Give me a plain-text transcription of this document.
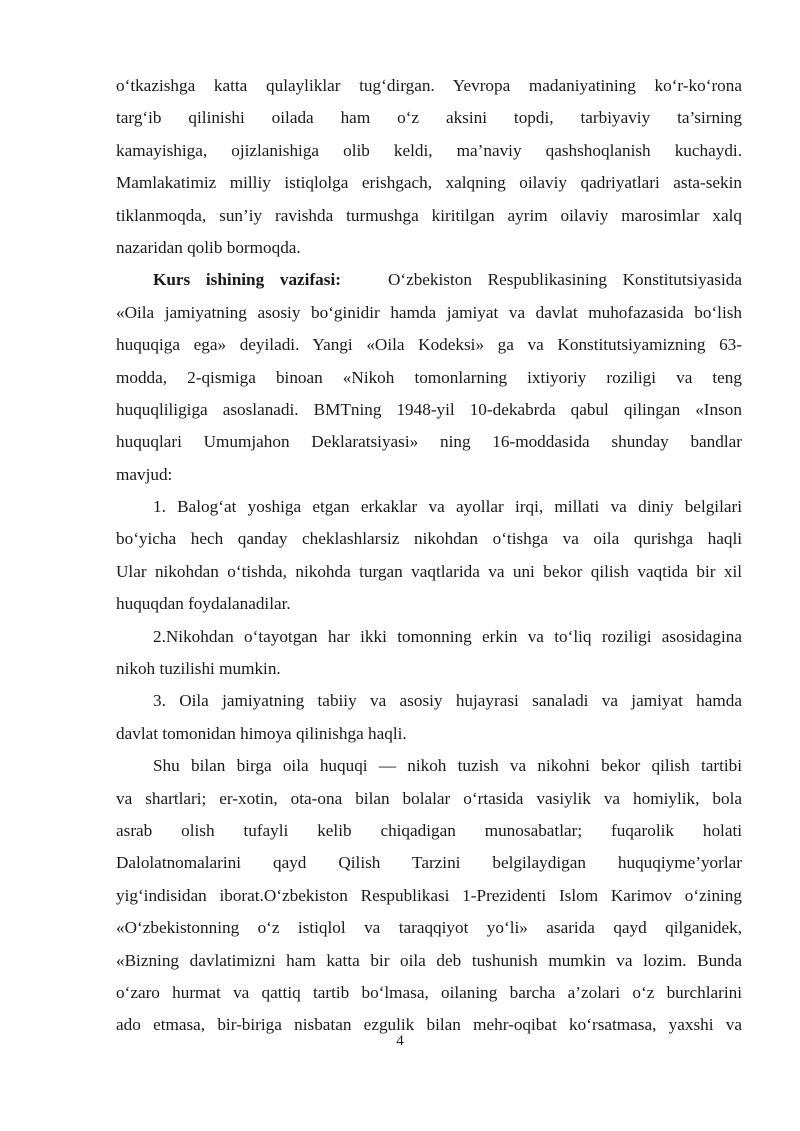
o‘tkazishga katta qulayliklar tug‘dirgan. Yevropa madaniyatining ko‘r-ko‘rona
targ‘ib qilinishi oilada ham o‘z aksini topdi, tarbiyaviy ta’sirning
kamayishiga, ojizlanishiga olib keldi, ma’naviy qashshoqlanish kuchaydi.
Mamlakatimiz milliy istiqlolga erishgach, xalqning oilaviy qadriyatlari asta-sekin
tiklanmoqda, sun’iy ravishda turmushga kiritilgan ayrim oilaviy marosimlar xalq
nazaridan qolib bormoqda.
Kurs ishining vazifasi:	O‘zbekiston Respublikasining Konstitutsiyasida
«Oila jamiyatning asosiy bo‘ginidir hamda jamiyat va davlat muhofazasida bo‘lish
huquqiga ega» deyiladi. Yangi «Oila Kodeksi» ga va Konstitutsiyamizning 63-
modda, 2-qismiga binoan «Nikoh tomonlarning ixtiyoriy roziligi va teng
huquqliligiga asoslanadi. BMTning 1948-yil 10-dekabrda qabul qilingan «Inson
huquqlari Umumjahon Deklaratsiyasi» ning 16-moddasida shunday bandlar
mavjud:
1. Balog‘at yoshiga etgan erkaklar va ayollar irqi, millati va diniy belgilari
bo‘yicha hech qanday cheklashlarsiz nikohdan o‘tishga va oila qurishga haqli
Ular nikohdan o‘tishda, nikohda turgan vaqtlarida va uni bekor qilish vaqtida bir xil
huquqdan foydalanadilar.
2.Nikohdan o‘tayotgan har ikki tomonning erkin va to‘liq roziligi asosidagina
nikoh tuzilishi mumkin.
3. Oila jamiyatning tabiiy va asosiy hujayrasi sanaladi va jamiyat hamda
davlat tomonidan himoya qilinishga haqli.
Shu bilan birga oila huquqi — nikoh tuzish va nikohni bekor qilish tartibi
va shartlari; er-xotin, ota-ona bilan bolalar o‘rtasida vasiylik va homiylik, bola
asrab olish tufayli kelib chiqadigan munosabatlar; fuqarolik holati
Dalolatnomalarini qayd Qilish Tarzini belgilaydigan huquqiyme’yorlar
yig‘indisidan iborat.O‘zbekiston Respublikasi 1-Prezidenti Islom Karimov o‘zining
«O‘zbekistonning o‘z istiqlol va taraqqiyot yo‘li» asarida qayd qilganidek,
«Bizning davlatimizni ham katta bir oila deb tushunish mumkin va lozim. Bunda
o‘zaro hurmat va qattiq tartib bo‘lmasa, oilaning barcha a’zolari o‘z burchlarini
ado etmasa, bir-biriga nisbatan ezgulik bilan mehr-oqibat ko‘rsatmasa, yaxshi va
4
